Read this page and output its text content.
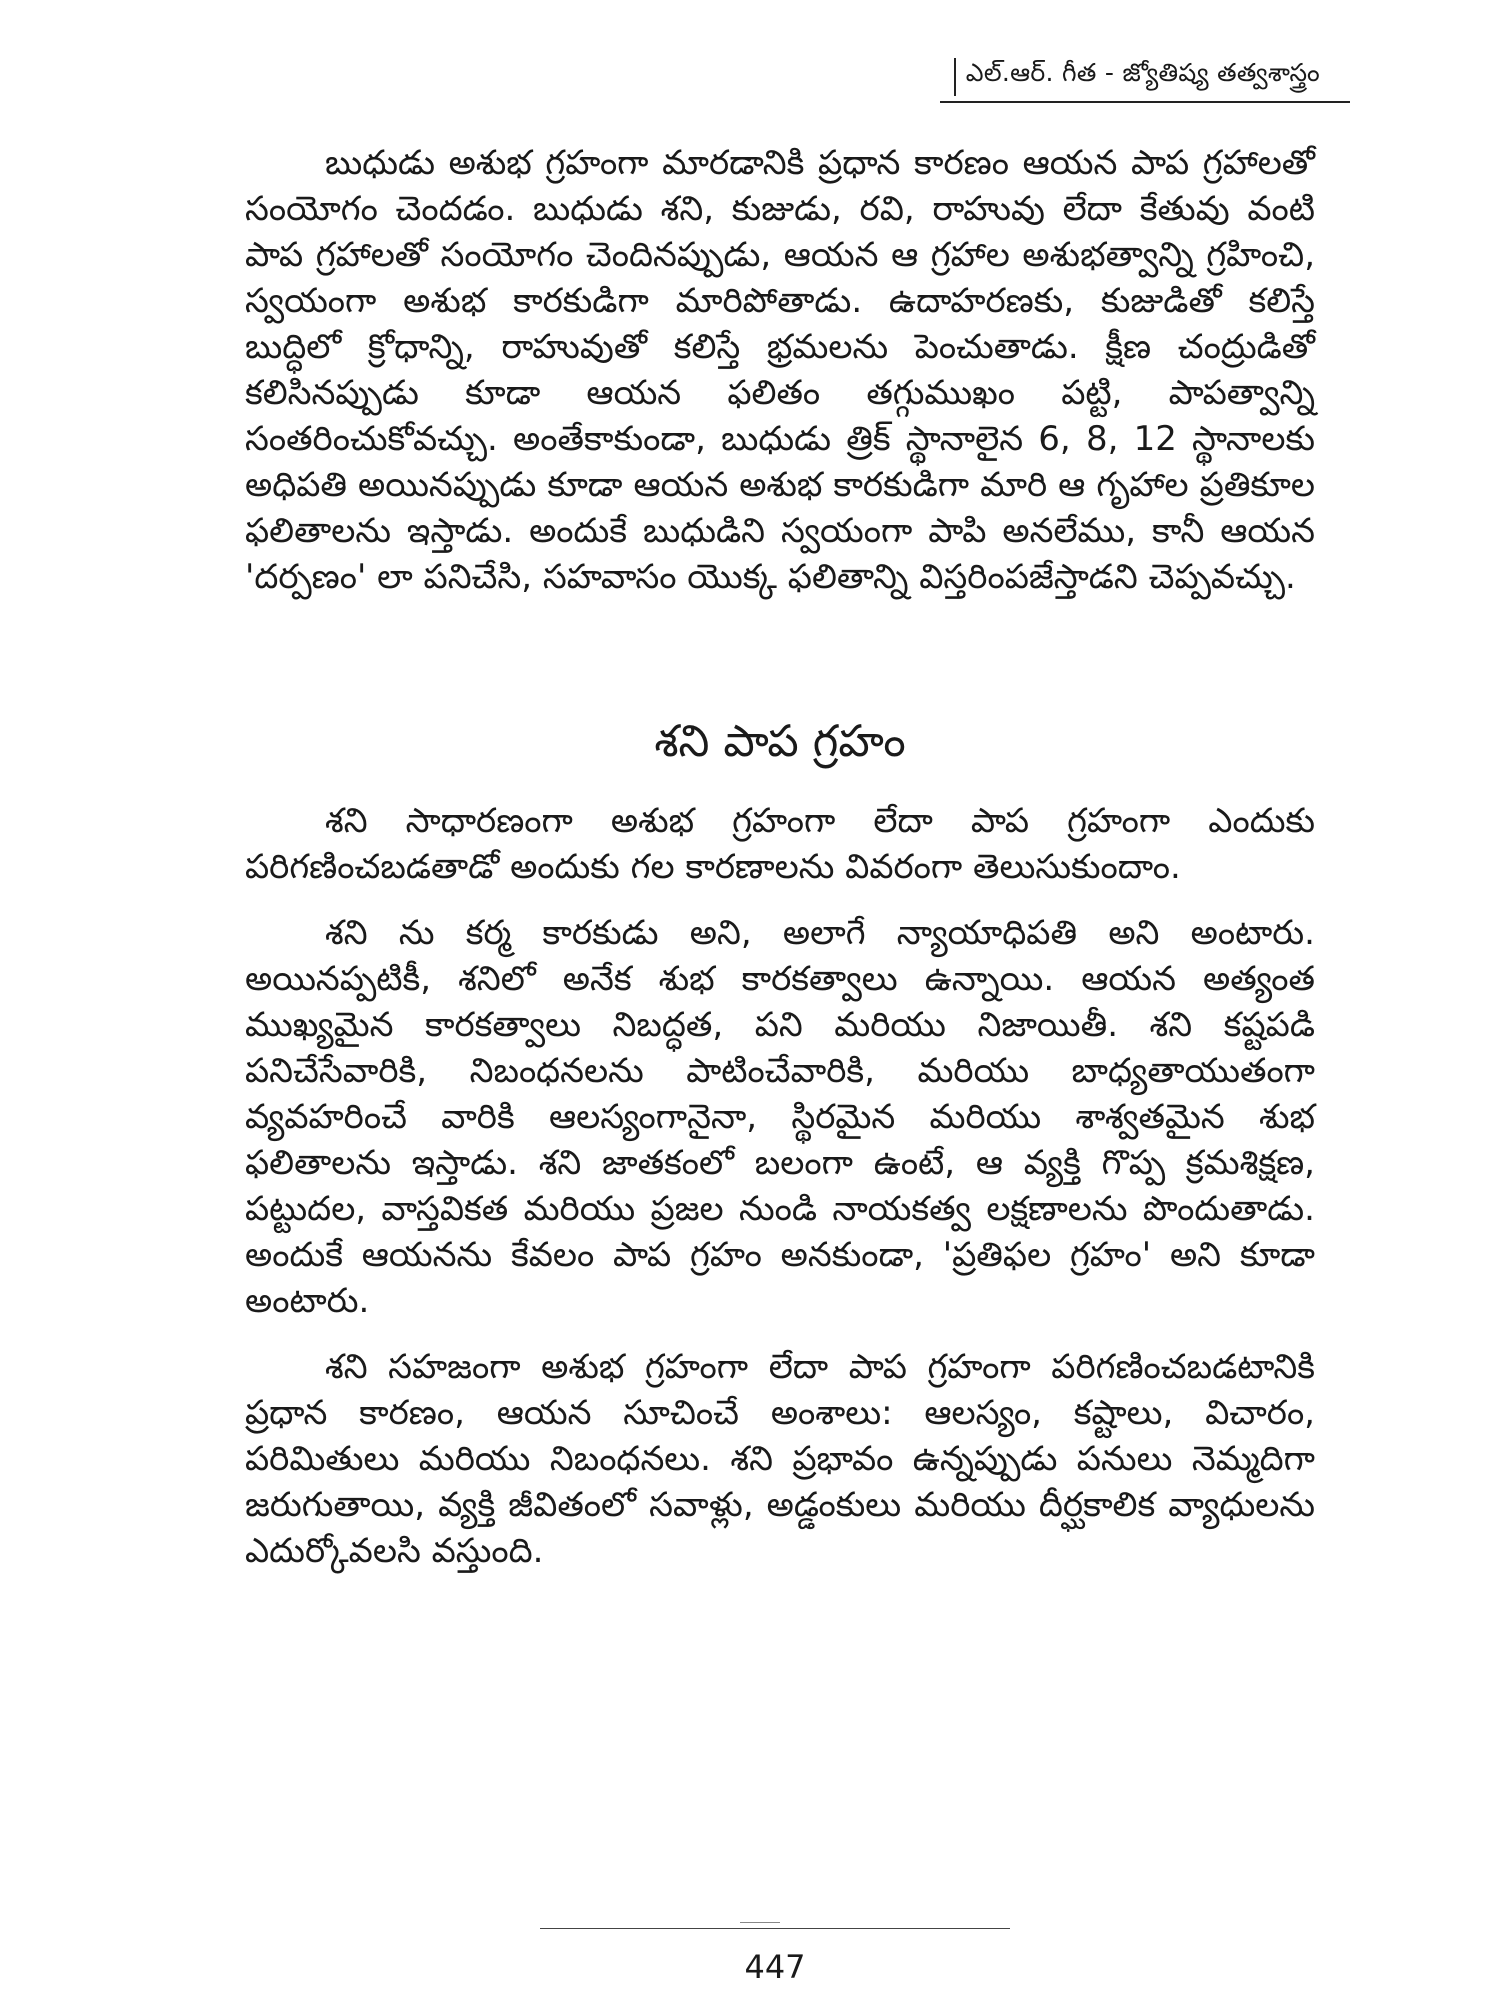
ఎల్.ఆర్. గీత - జ్యోతిష్య తత్వశాస్త్రం

బుధుడు అశుభ గ్రహంగా మారడానికి ప్రధాన కారణం ఆయన పాప గ్రహాలతో సంయోగం చెందడం. బుధుడు శని, కుజుడు, రవి, రాహువు లేదా కేతువు వంటి పాప గ్రహాలతో సంయోగం చెందినప్పుడు, ఆయన ఆ గ్రహాల అశుభత్వాన్ని గ్రహించి, స్వయంగా అశుభ కారకుడిగా మారిపోతాడు. ఉదాహరణకు, కుజుడితో కలిస్తే బుద్ధిలో క్రోధాన్ని, రాహువుతో కలిస్తే భ్రమలను పెంచుతాడు. క్షీణ చంద్రుడితో కలిసినప్పుడు కూడా ఆయన ఫలితం తగ్గుముఖం పట్టి, పాపత్వాన్ని సంతరించుకోవచ్చు. అంతేకాకుండా, బుధుడు త్రిక్ స్థానాలైన 6, 8, 12 స్థానాలకు అధిపతి అయినప్పుడు కూడా ఆయన అశుభ కారకుడిగా మారి ఆ గృహాల ప్రతికూల ఫలితాలను ఇస్తాడు. అందుకే బుధుడిని స్వయంగా పాపి అనలేము, కానీ ఆయన 'దర్పణం' లా పనిచేసి, సహవాసం యొక్క ఫలితాన్ని విస్తరింపజేస్తాడని చెప్పవచ్చు.

శని పాప గ్రహం

శని సాధారణంగా అశుభ గ్రహంగా లేదా పాప గ్రహంగా ఎందుకు పరిగణించబడతాడో అందుకు గల కారణాలను వివరంగా తెలుసుకుందాం.

శని ను కర్మ కారకుడు అని, అలాగే న్యాయాధిపతి అని అంటారు. అయినప్పటికీ, శనిలో అనేక శుభ కారకత్వాలు ఉన్నాయి. ఆయన అత్యంత ముఖ్యమైన కారకత్వాలు నిబద్ధత, పని మరియు నిజాయితీ. శని కష్టపడి పనిచేసేవారికి, నిబంధనలను పాటించేవారికి, మరియు బాధ్యతాయుతంగా వ్యవహరించే వారికి ఆలస్యంగానైనా, స్థిరమైన మరియు శాశ్వతమైన శుభ ఫలితాలను ఇస్తాడు. శని జాతకంలో బలంగా ఉంటే, ఆ వ్యక్తి గొప్ప క్రమశిక్షణ, పట్టుదల, వాస్తవికత మరియు ప్రజల నుండి నాయకత్వ లక్షణాలను పొందుతాడు. అందుకే ఆయనను కేవలం పాప గ్రహం అనకుండా, 'ప్రతిఫల గ్రహం' అని కూడా అంటారు.

శని సహజంగా అశుభ గ్రహంగా లేదా పాప గ్రహంగా పరిగణించబడటానికి ప్రధాన కారణం, ఆయన సూచించే అంశాలు: ఆలస్యం, కష్టాలు, విచారం, పరిమితులు మరియు నిబంధనలు. శని ప్రభావం ఉన్నప్పుడు పనులు నెమ్మదిగా జరుగుతాయి, వ్యక్తి జీవితంలో సవాళ్లు, అడ్డంకులు మరియు దీర్ఘకాలిక వ్యాధులను ఎదుర్కోవలసి వస్తుంది.

447
